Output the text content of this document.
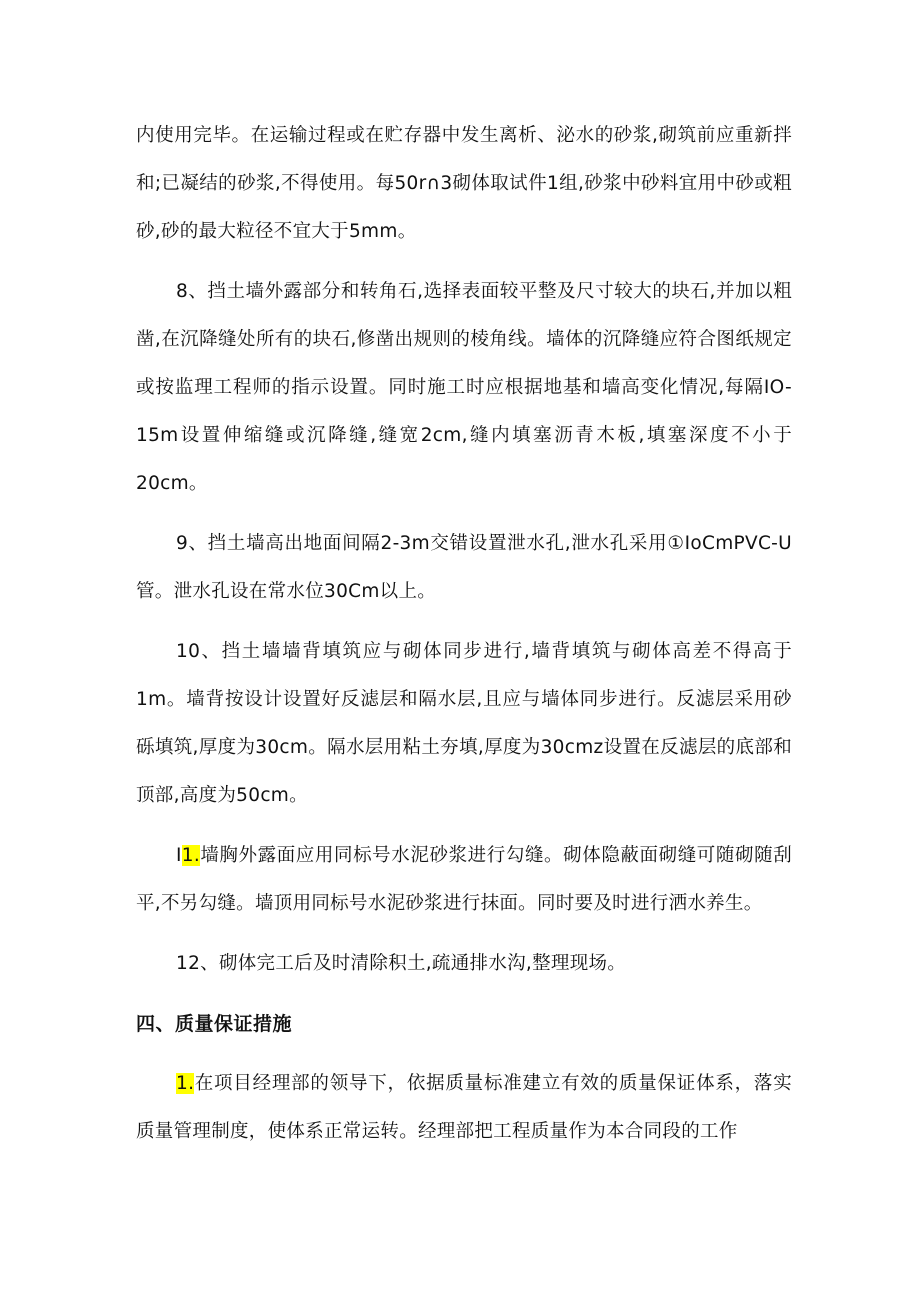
内使用完毕。在运输过程或在贮存器中发生离析、泌水的砂浆,砌筑前应重新拌和;已凝结的砂浆,不得使用。每50r∩3砌体取试件1组,砂浆中砂料宜用中砂或粗砂,砂的最大粒径不宜大于5mm。

8、挡土墙外露部分和转角石,选择表面较平整及尺寸较大的块石,并加以粗凿,在沉降缝处所有的块石,修凿出规则的棱角线。墙体的沉降缝应符合图纸规定或按监理工程师的指示设置。同时施工时应根据地基和墙高变化情况,每隔IO-15m设置伸缩缝或沉降缝,缝宽2cm,缝内填塞沥青木板,填塞深度不小于20cm。

9、挡土墙高出地面间隔2-3m交错设置泄水孔,泄水孔采用①IoCmPVC-U管。泄水孔设在常水位30Cm以上。

10、挡土墙墙背填筑应与砌体同步进行,墙背填筑与砌体高差不得高于1m。墙背按设计设置好反滤层和隔水层,且应与墙体同步进行。反滤层采用砂砾填筑,厚度为30cm。隔水层用粘土夯填,厚度为30cmz设置在反滤层的底部和顶部,高度为50cm。

I1.墙胸外露面应用同标号水泥砂浆进行勾缝。砌体隐蔽面砌缝可随砌随刮平,不另勾缝。墙顶用同标号水泥砂浆进行抹面。同时要及时进行洒水养生。

12、砌体完工后及时清除积土,疏通排水沟,整理现场。

四、质量保证措施

1.在项目经理部的领导下，依据质量标准建立有效的质量保证体系，落实质量管理制度，使体系正常运转。经理部把工程质量作为本合同段的工作
